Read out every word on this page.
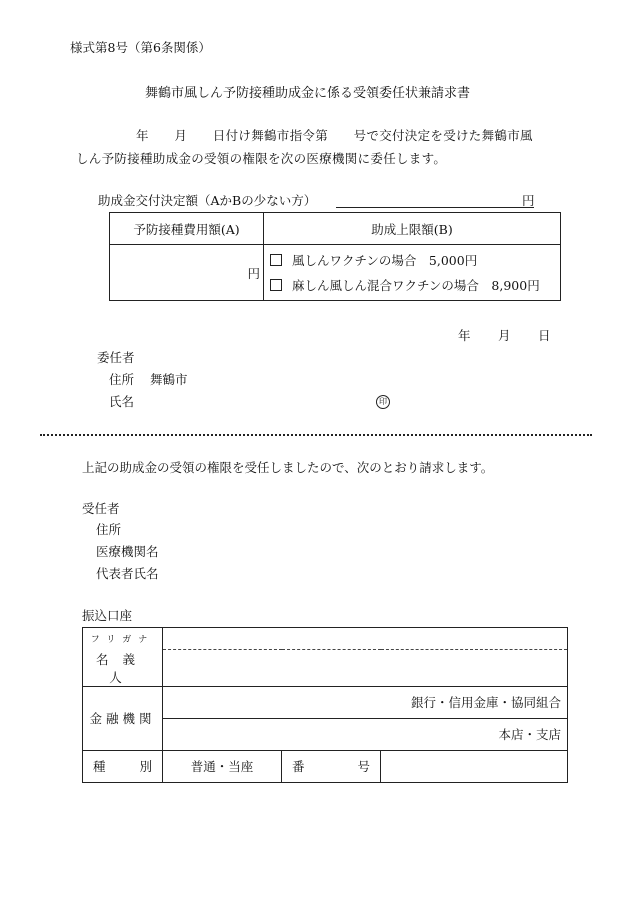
様式第8号（第6条関係）
舞鶴市風しん予防接種助成金に係る受領委任状兼請求書
年　　月　　日付け舞鶴市指令第　　号で交付決定を受けた舞鶴市風
しん予防接種助成金の受領の権限を次の医療機関に委任します。
助成金交付決定額（AかBの少ない方）	円
予防接種費用額(A)	助成上限額(B)
円	風しんワクチンの場合　 5,000円
麻しん風しん混合ワクチンの場合　 8,900円
年 月 日
委任者
住所 舞鶴市
氏名	印
上記の助成金の受領の権限を受任しましたので、次のとおり請求します。
受任者
住所
医療機関名
代表者氏名
振込口座
フリガナ			
名義人			
金融機関	銀行・信用金庫・協同組合		
	本店・支店		
種別	普通・当座	番号	
